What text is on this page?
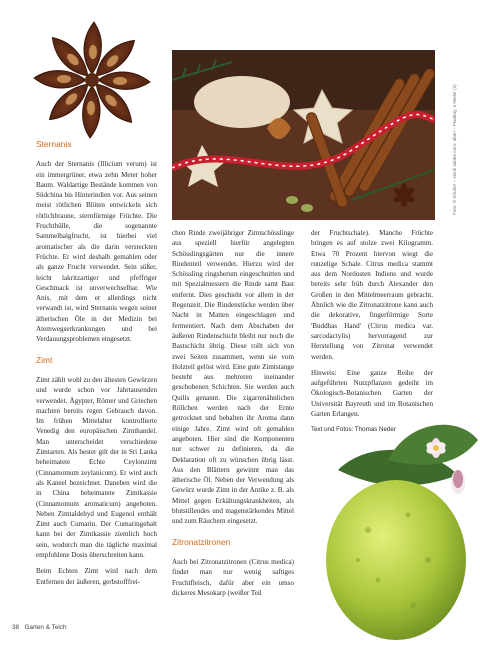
Foto: © Shutter – stock adobe.com; oben – Pixabay, 3 Neder (3)
Sternanis

Auch der Sternanis (Illicium verum) ist ein immergrüner, etwa zehn Meter hoher Baum. Waldartige Bestände kommen von Südchina bis Hinterindien vor. Aus seinen meist rötlichen Blüten entwickeln sich rötlichbraune, sternförmige Früchte. Die Fruchthülle, die sogenannte Sammelbalgfrucht, ist hierbei viel aromatischer als die darin versteckten Früchte. Er wird deshalb gemahlen oder als ganze Frucht verwendet. Sein süßer, leicht lakritzartiger und pfeffriger Geschmack ist unverwechselbar. Wie Anis, mit dem er allerdings nicht verwandt ist, wird Sternanis wegen seiner ätherischen Öle in der Medizin bei Atemwegserkrankungen und bei Verdauungsproblemen eingesetzt.

Zimt

Zimt zählt wohl zu den ältesten Gewürzen und wurde schon vor Jahrtausenden verwendet. Ägypter, Römer und Griechen machten bereits regen Gebrauch davon. Im frühen Mittelalter kontrollierte Venedig den europäischen Zimthandel. Man unterscheidet verschiedene Zimtarten. Als bester gilt der in Sri Lanka beheimatete Echte Ceylonzimt (Cinnamomum zeylanicum). Er wird auch als Kaneel bezeichnet. Daneben wird die in China beheimatete Zimtkassie (Cinnamomum aromaticum) angeboten. Neben Zimtaldehyd und Eugenol enthält Zimt auch Cumarin. Der Cumaringehalt kann bei der Zimtkassie ziemlich hoch sein, wodurch man die tägliche maximal empfohlene Dosis überschreiten kann.

Beim Echten Zimt wird nach dem Entfernen der äußeren, gerbstofffrei-

chen Rinde zweijähriger Zimtschösslinge aus speziell hierfür angelegten Schösslingsgärten nur die innere Rindenteil verwendet. Hierzu wird der Schössling ringsherum eingeschnitten und mit Spezialmessern die Rinde samt Bast entfernt. Dies geschieht vor allem in der Regenzeit. Die Rindenstücke werden über Nacht in Matten eingeschlagen und fermentiert. Nach dem Abschaben der äußeren Rindenschicht bleibt nur noch die Bastschicht übrig. Diese rollt sich von zwei Seiten zusammen, wenn sie vom Holzteil gelöst wird. Eine gute Zimtstange besteht aus mehreren ineinander geschobenen Schichten. Sie werden auch Quills genannt. Die zigarrenähnlichen Röllchen werden nach der Ernte getrocknet und behalten ihr Aroma dann einige Jahre. Zimt wird oft gemahlen angeboten. Hier sind die Komponenten nur schwer zu definieren, da die Deklaration oft zu wünschen übrig lässt. Aus den Blättern gewinnt man das ätherische Öl. Neben der Verwendung als Gewürz wurde Zimt in der Antike z. B. als Mittel gegen Erkältungskrankheiten, als blutstillendes und magenstärkendes Mittel und zum Räuchern eingesetzt.

Zitronatzitronen

Auch bei Zitronatzitronen (Citrus medica) findet man nur wenig saftiges Fruchtfleisch, dafür aber ein umso dickeres Mesokarp (weißer Teil

der Fruchtschale). Manche Früchte bringen es auf stolze zwei Kilogramm. Etwa 70 Prozent hiervon wiegt die runzelige Schale. Citrus medica stammt aus dem Nordosten Indiens und wurde bereits sehr früh durch Alexander den Großen in den Mittelmeerraum gebracht. Ähnlich wie die Zitronatzitrone kann auch die dekorative, fingerförmige Sorte 'Buddhas Hand' (Citrus medica var. sarcodactylis) hervorragend zur Herstellung von Zitronat verwendet werden.

Hinweis: Eine ganze Reihe der aufgeführten Nutzpflanzen gedeiht im Ökologisch-Botanischen Garten der Universität Bayreuth und im Botanischen Garten Erlangen.

Text und Fotos: Thomas Neder

38 Garten & Teich
